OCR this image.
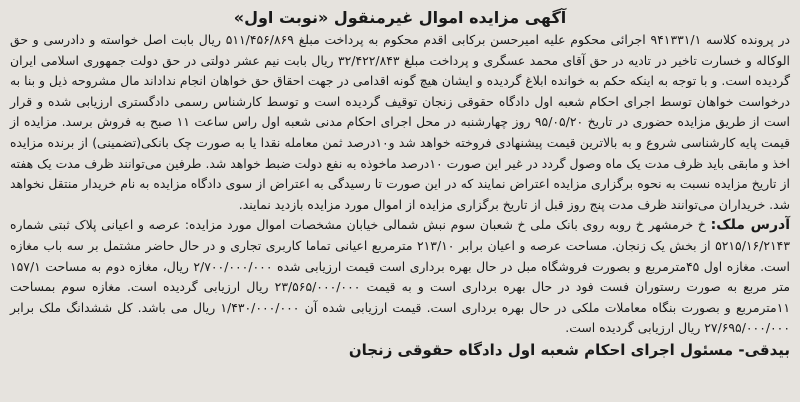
آگهی مزایده اموال غیرمنقول «نوبت اول»

در پرونده کلاسه ۹۴۱۳۳۱/۱ اجرائی محکوم علیه امیرحسن برکابی اقدم محکوم به پرداخت مبلغ ۵۱۱/۴۵۶/۸۶۹ ریال بابت اصل خواسته و دادرسی و حق الوکاله و خسارت تاخیر در تادیه در حق آقای محمد عسگری و پرداخت مبلغ ۳۲/۴۲۲/۸۴۳ ریال بابت نیم عشر دولتی در حق دولت جمهوری اسلامی ایران گردیده است. و با توجه به اینکه حکم به خوانده ابلاغ گردیده و ایشان هیچ گونه اقدامی در جهت احقاق حق خواهان انجام نداداند مال مشروحه ذیل و بنا به درخواست خواهان توسط اجرای احکام شعبه اول دادگاه حقوقی زنجان توقیف گردیده است و توسط کارشناس رسمی دادگستری ارزیابی شده و قرار است از طریق مزایده حضوری در تاریخ ۹۵/۰۵/۲۰ روز چهارشنبه در محل اجرای احکام مدنی شعبه اول راس ساعت ۱۱ صبح به فروش برسد. مزایده از قیمت پایه کارشناسی شروع و به بالاترین قیمت پیشنهادی فروخته خواهد شد و۱۰درصد ثمن معامله نقدا یا به صورت چک بانکی(تضمینی) از برنده مزایده اخذ و مابقی باید ظرف مدت یک ماه وصول گردد در غیر این صورت ۱۰درصد ماخوذه به نفع دولت ضبط خواهد شد. طرفین می‌توانند ظرف مدت یک هفته از تاریخ مزایده نسبت به نحوه برگزاری مزایده اعتراض نمایند که در این صورت تا رسیدگی به اعتراض از سوی دادگاه مزایده به نام خریدار منتقل نخواهد شد. خریداران می‌توانند ظرف مدت پنج روز قبل از تاریخ برگزاری مزایده از اموال مورد مزایده بازدید نمایند.

آدرس ملک: خ خرمشهر خ روبه روی بانک ملی خ شعبان سوم نبش شمالی خیابان مشخصات اموال مورد مزایده: عرصه و اعیانی پلاک ثبتی شماره ۵۲۱۵/۱۶/۲۱۴۳ از بخش یک زنجان. مساحت عرصه و اعیان برابر ۲۱۳/۱۰ مترمربع اعیانی تماما کاربری تجاری و در حال حاضر مشتمل بر سه باب مغازه است. مغازه اول ۴۵مترمربع و بصورت فروشگاه مبل در حال بهره برداری است قیمت ارزیابی شده ۲/۷۰۰/۰۰۰/۰۰۰ ریال، مغازه دوم به مساحت ۱۵۷/۱ متر مربع به صورت رستوران فست فود در حال بهره برداری است و به قیمت ۲۳/۵۶۵/۰۰۰/۰۰۰ ریال ارزیابی گردیده است. مغازه سوم بمساحت ۱۱مترمربع و بصورت بنگاه معاملات ملکی در حال بهره برداری است. قیمت ارزیابی شده آن ۱/۴۳۰/۰۰۰/۰۰۰ ریال می باشد. کل ششدانگ ملک برابر ۲۷/۶۹۵/۰۰۰/۰۰۰ ریال ارزیابی گردیده است.

بیدقی- مسئول اجرای احکام شعبه اول دادگاه حقوقی زنجان
